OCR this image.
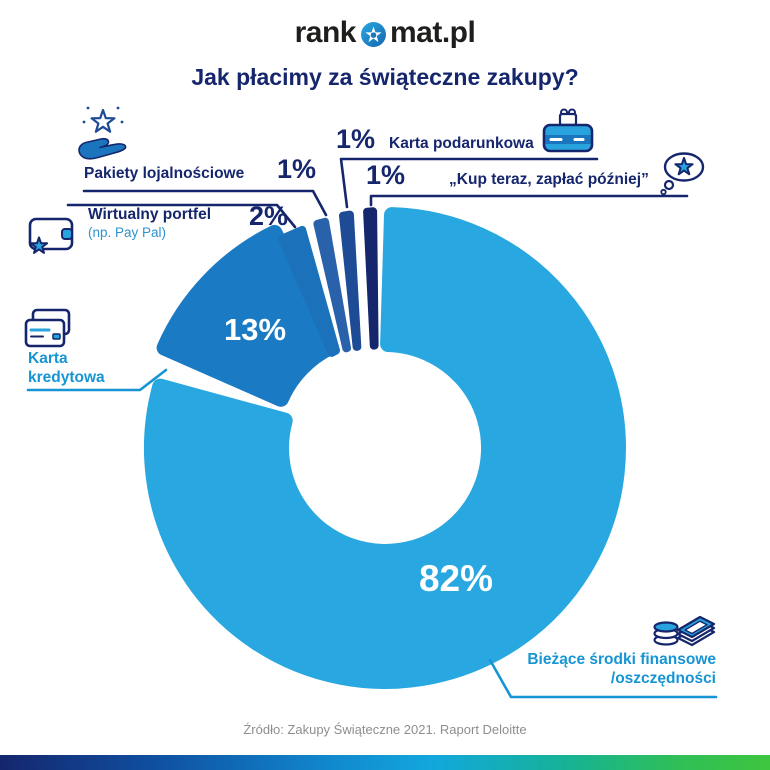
rank mat.pl
Jak płacimy za świąteczne zakupy?
82%
13%
Pakiety lojalnościowe 1%
Wirtualny portfel
(np. Pay Pal)
2%
Karta
kredytowa
1% Karta podarunkowa
1%	„Kup teraz, zapłać później”
Bieżące środki finansowe
/oszczędności
Źródło: Zakupy Świąteczne 2021. Raport Deloitte
